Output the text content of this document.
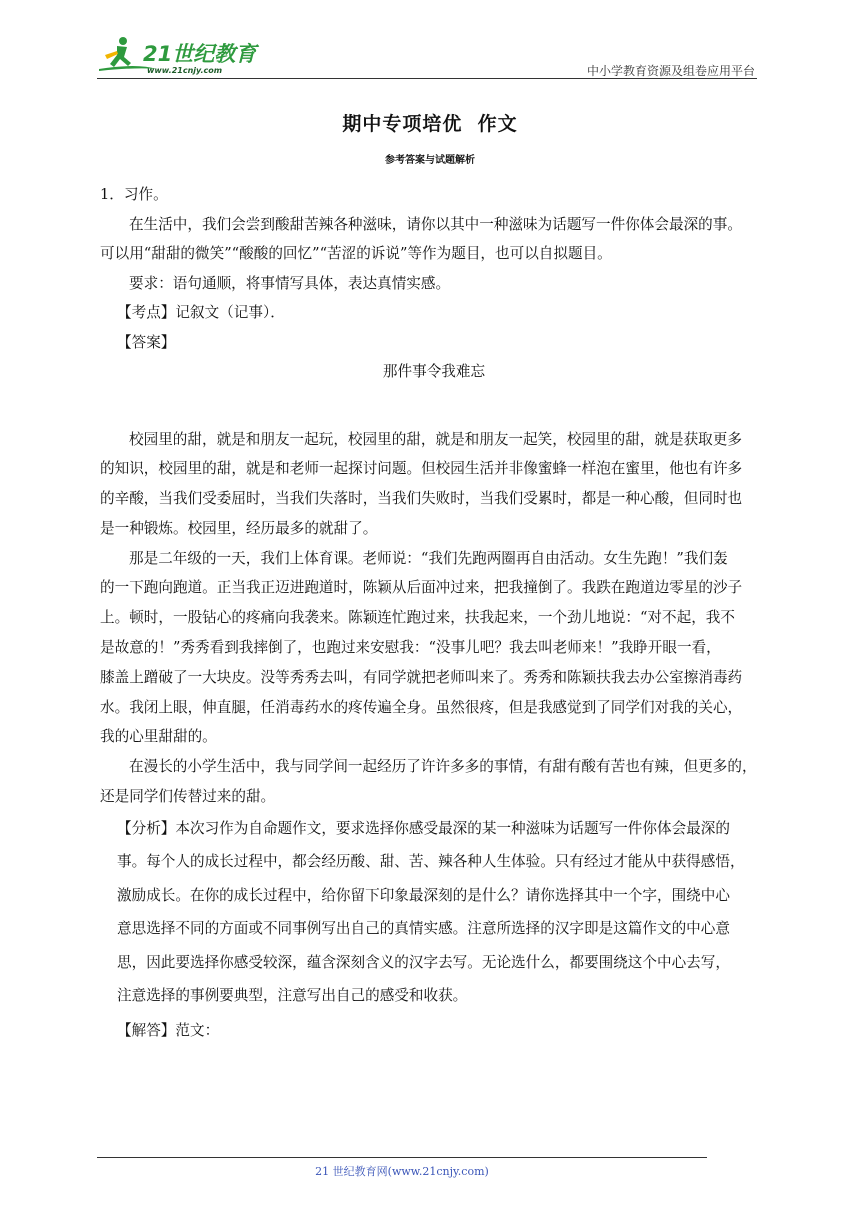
21世纪教育
www.21cnjy.com	中小学教育资源及组卷应用平台
期中专项培优  作文
参考答案与试题解析
1．习作。
在生活中，我们会尝到酸甜苦辣各种滋味，请你以其中一种滋味为话题写一件你体会最深的事。
可以用“甜甜的微笑”“酸酸的回忆”“苦涩的诉说”等作为题目，也可以自拟题目。
要求：语句通顺，将事情写具体，表达真情实感。
【考点】记叙文（记事）．
【答案】
那件事令我难忘
校园里的甜，就是和朋友一起玩，校园里的甜，就是和朋友一起笑，校园里的甜，就是获取更多
的知识，校园里的甜，就是和老师一起探讨问题。但校园生活并非像蜜蜂一样泡在蜜里，他也有许多
的辛酸，当我们受委屈时，当我们失落时，当我们失败时，当我们受累时，都是一种心酸，但同时也
是一种锻炼。校园里，经历最多的就甜了。
那是二年级的一天，我们上体育课。老师说：“我们先跑两圈再自由活动。女生先跑！”我们轰
的一下跑向跑道。正当我正迈进跑道时，陈颖从后面冲过来，把我撞倒了。我跌在跑道边零星的沙子
上。顿时，一股钻心的疼痛向我袭来。陈颖连忙跑过来，扶我起来，一个劲儿地说：“对不起，我不
是故意的！”秀秀看到我摔倒了，也跑过来安慰我：“没事儿吧？我去叫老师来！”我睁开眼一看，
膝盖上蹭破了一大块皮。没等秀秀去叫，有同学就把老师叫来了。秀秀和陈颖扶我去办公室擦消毒药
水。我闭上眼，伸直腿，任消毒药水的疼传遍全身。虽然很疼，但是我感觉到了同学们对我的关心，
我的心里甜甜的。
在漫长的小学生活中，我与同学间一起经历了许许多多的事情，有甜有酸有苦也有辣，但更多的，
还是同学们传替过来的甜。
【分析】本次习作为自命题作文，要求选择你感受最深的某一种滋味为话题写一件你体会最深的
事。每个人的成长过程中，都会经历酸、甜、苦、辣各种人生体验。只有经过才能从中获得感悟，
激励成长。在你的成长过程中，给你留下印象最深刻的是什么？请你选择其中一个字，围绕中心
意思选择不同的方面或不同事例写出自己的真情实感。注意所选择的汉字即是这篇作文的中心意
思，因此要选择你感受较深，蕴含深刻含义的汉字去写。无论选什么，都要围绕这个中心去写，
注意选择的事例要典型，注意写出自己的感受和收获。
【解答】范文：
21 世纪教育网(www.21cnjy.com)
